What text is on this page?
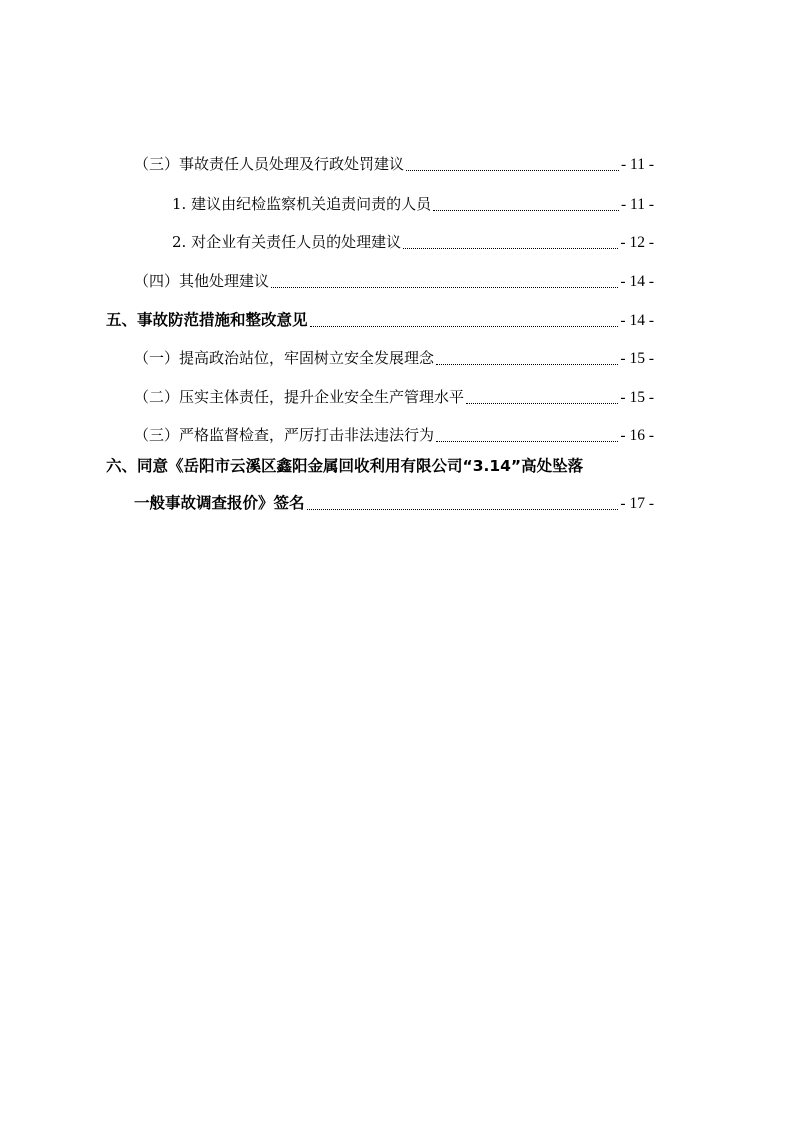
（三）事故责任人员处理及行政处罚建议	- 11 -
1. 建议由纪检监察机关追责问责的人员	- 11 -
2. 对企业有关责任人员的处理建议	- 12 -
（四）其他处理建议	- 14 -
五、事故防范措施和整改意见	- 14 -
（一）提高政治站位，牢固树立安全发展理念	- 15 -
（二）压实主体责任，提升企业安全生产管理水平	- 15 -
（三）严格监督检查，严厉打击非法违法行为	- 16 -
六、同意《岳阳市云溪区鑫阳金属回收利用有限公司“3.14”高处坠落
一般事故调查报价》签名	- 17 -
